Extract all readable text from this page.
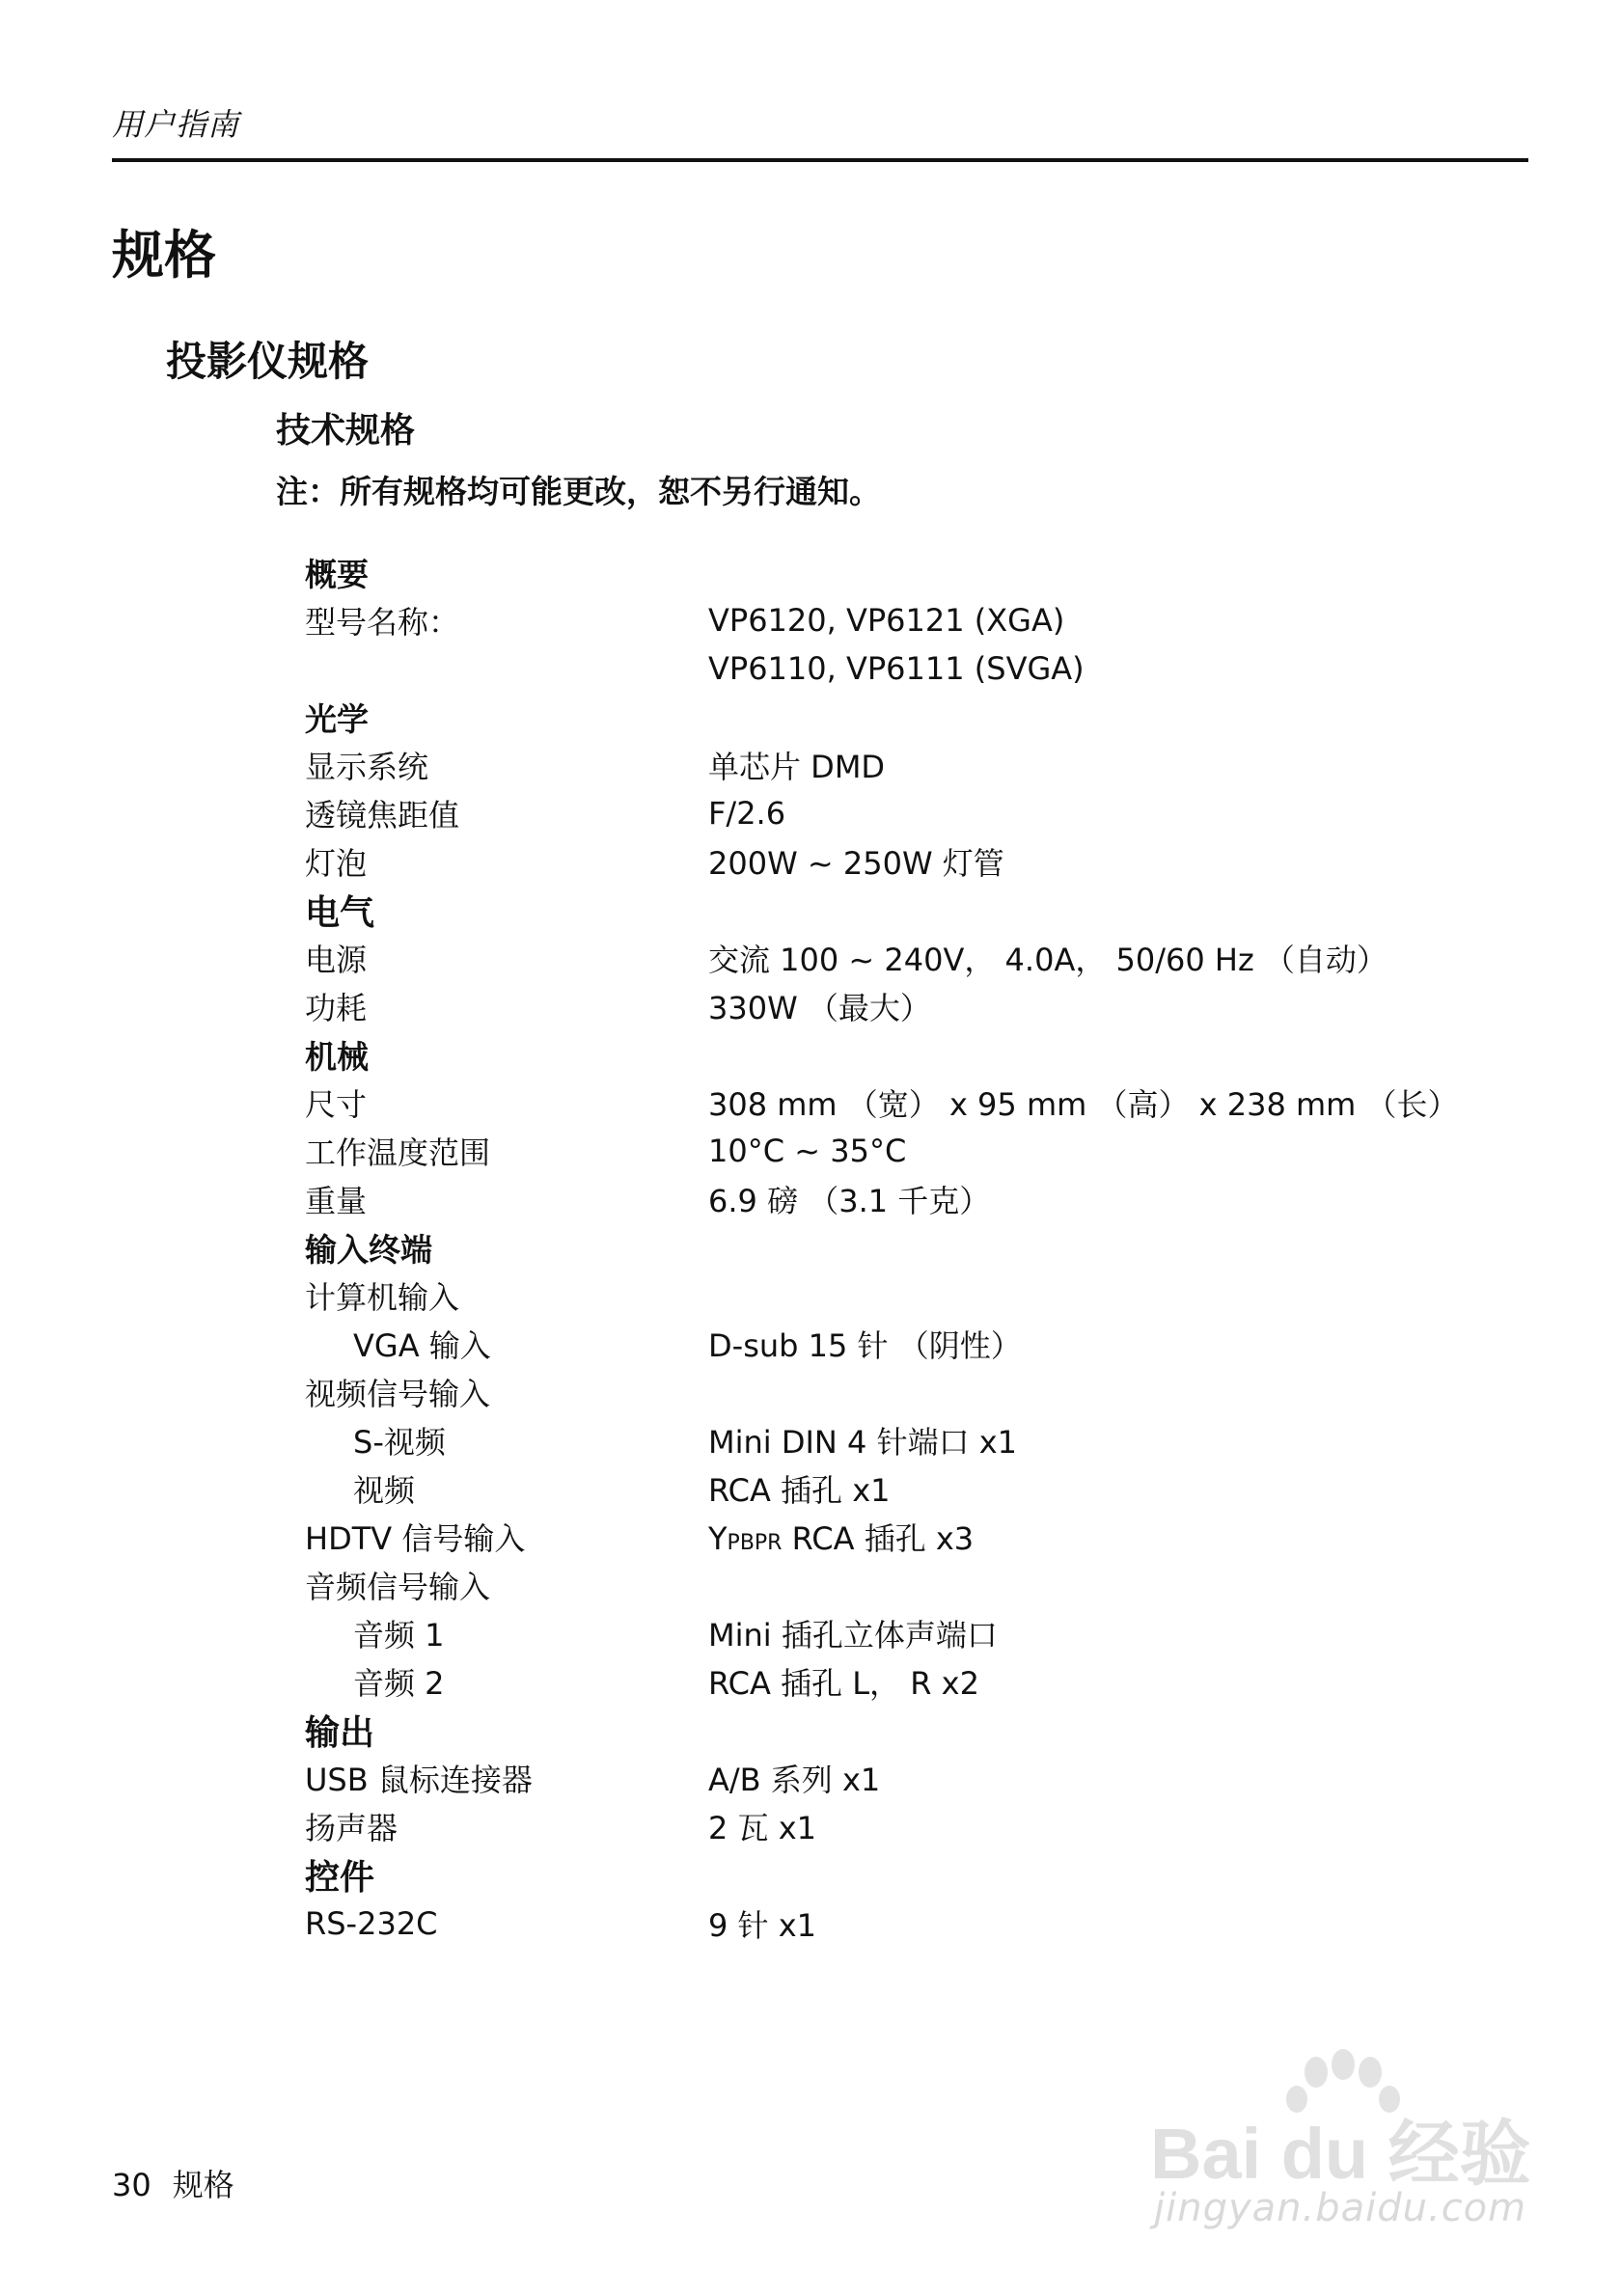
用户指南
规格
投影仪规格
技术规格
注：所有规格均可能更改，恕不另行通知。
概要
型号名称：	VP6120, VP6121 (XGA)
VP6110, VP6111 (SVGA)
光学
显示系统	单芯片 DMD
透镜焦距值	F/2.6
灯泡	200W ~ 250W 灯管
电气
电源	交流 100 ~ 240V， 4.0A， 50/60 Hz （自动）
功耗	330W （最大）
机械
尺寸	308 mm （宽） x 95 mm （高） x 238 mm （长）
工作温度范围	10°C ~ 35°C
重量	6.9 磅 （3.1 千克）
输入终端
计算机输入
VGA 输入	D-sub 15 针 （阴性）
视频信号输入
S-视频	Mini DIN 4 针端口 x1
视频	RCA 插孔 x1
HDTV 信号输入	YPBPR RCA 插孔 x3
音频信号输入
音频 1	Mini 插孔立体声端口
音频 2	RCA 插孔 L， R x2
输出
USB 鼠标连接器	A/B 系列 x1
扬声器	2 瓦 x1
控件
RS-232C	9 针 x1
30 规格	Bai du 经验
jingyan.baidu.com
